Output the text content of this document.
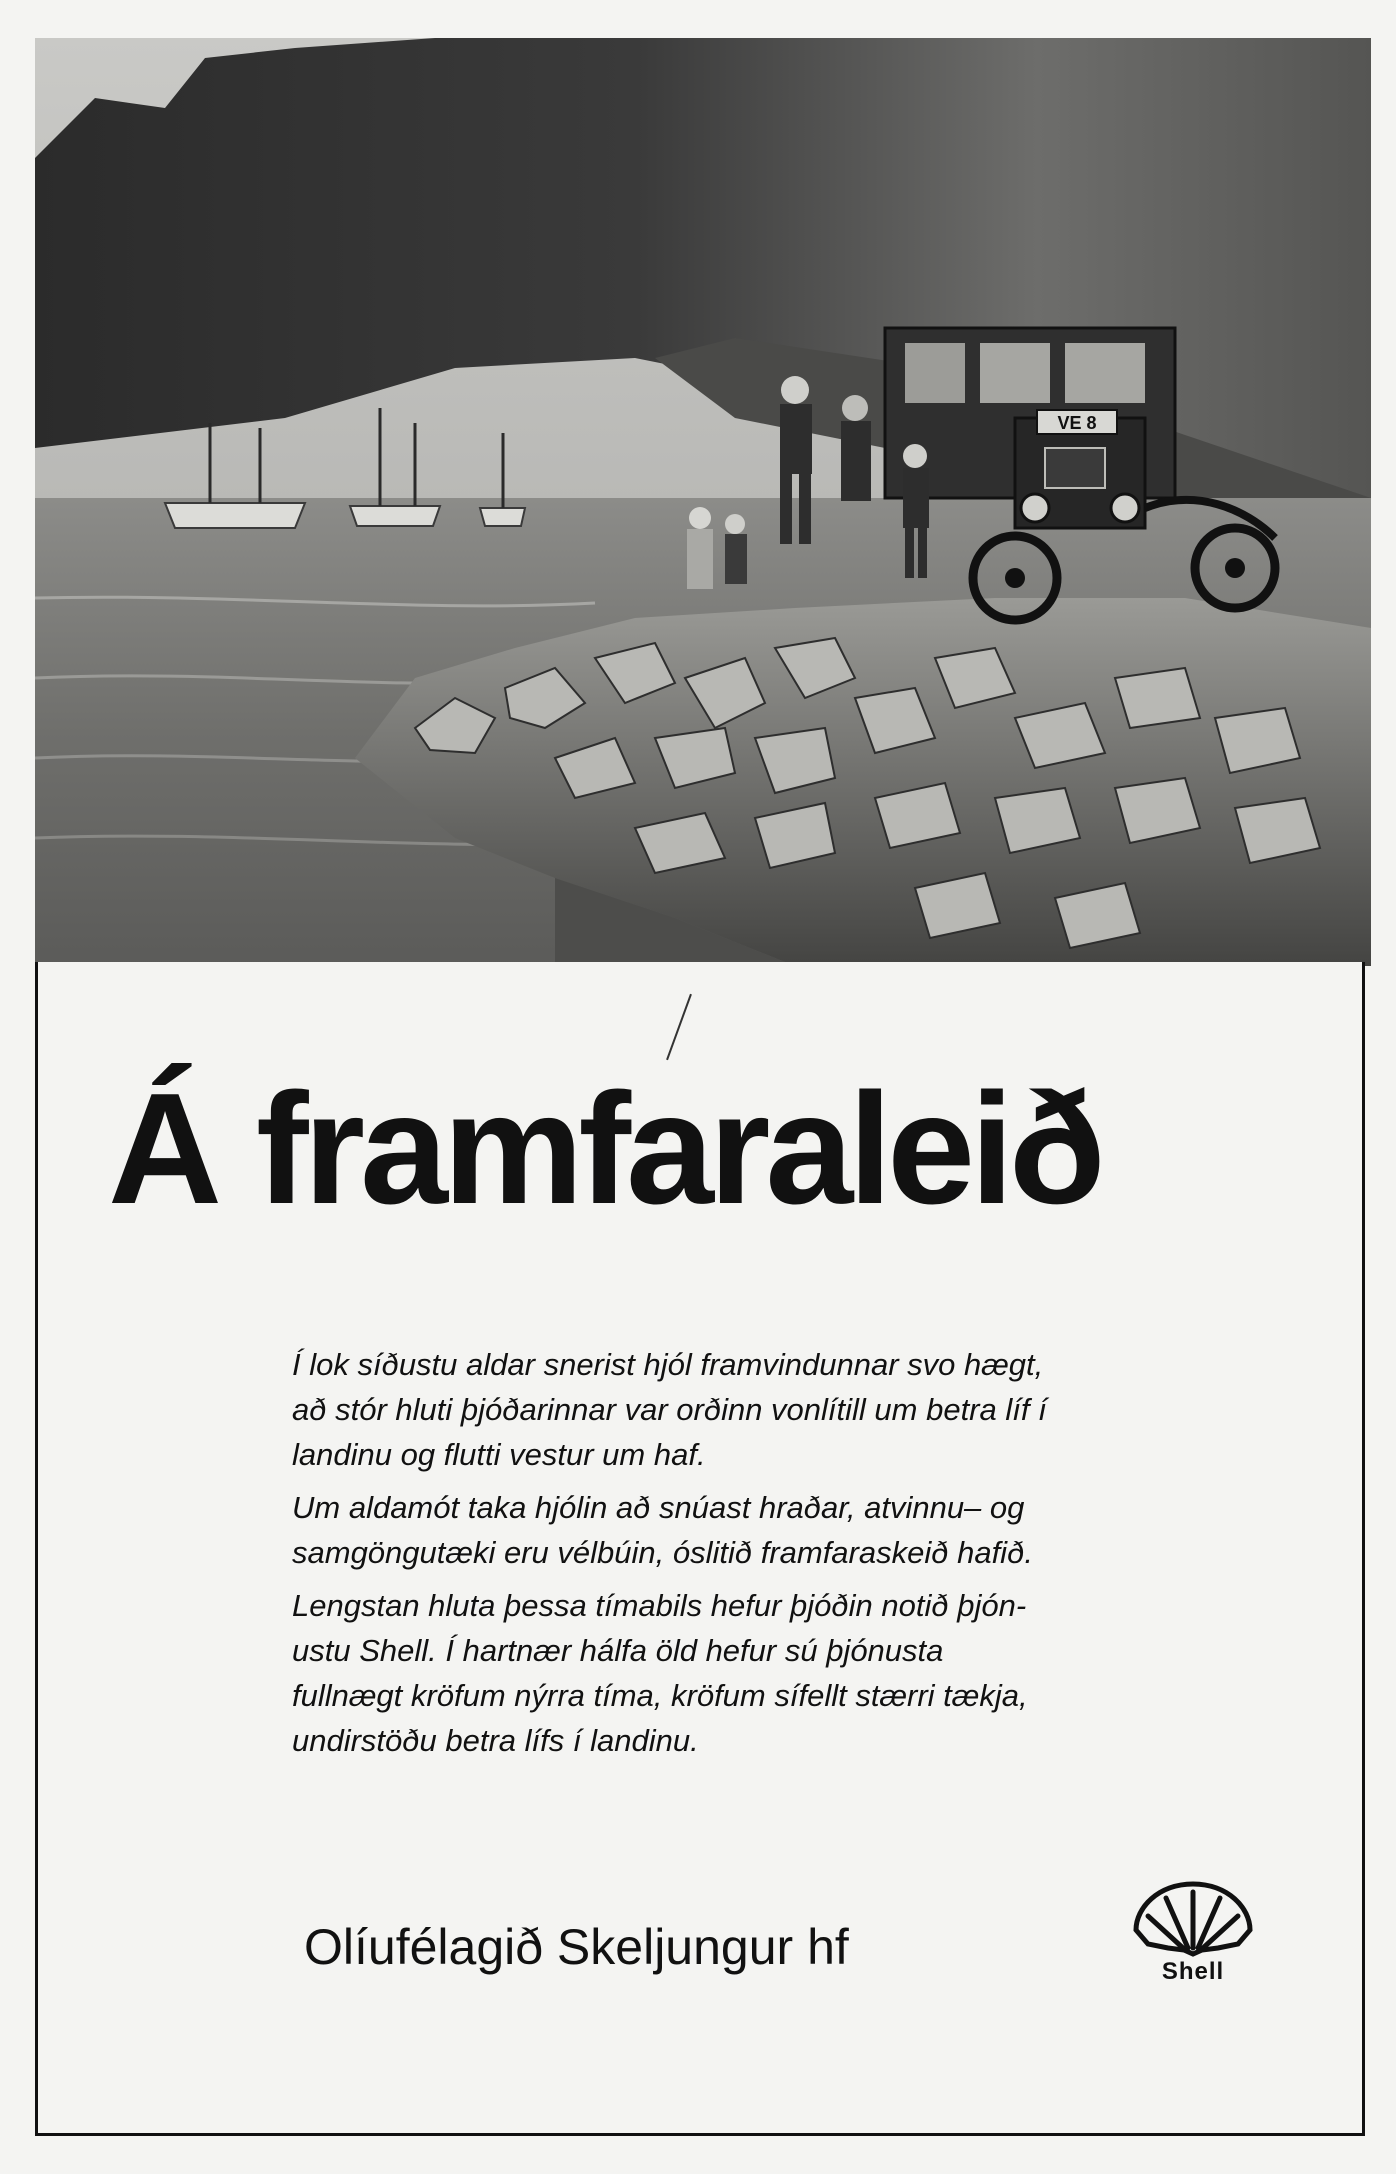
VE 8
Á framfaraleið

Í lok síðustu aldar snerist hjól framvindunnar svo hægt,
að stór hluti þjóðarinnar var orðinn vonlítill um betra líf í
landinu og flutti vestur um haf.

Um aldamót taka hjólin að snúast hraðar, atvinnu– og
samgöngutæki eru vélbúin, óslitið framfaraskeið hafið.

Lengstan hluta þessa tímabils hefur þjóðin notið þjón-
ustu Shell. Í hartnær hálfa öld hefur sú þjónusta
fullnægt kröfum nýrra tíma, kröfum sífellt stærri tækja,
undirstöðu betra lífs í landinu.

Olíufélagið Skeljungur hf	Shell
